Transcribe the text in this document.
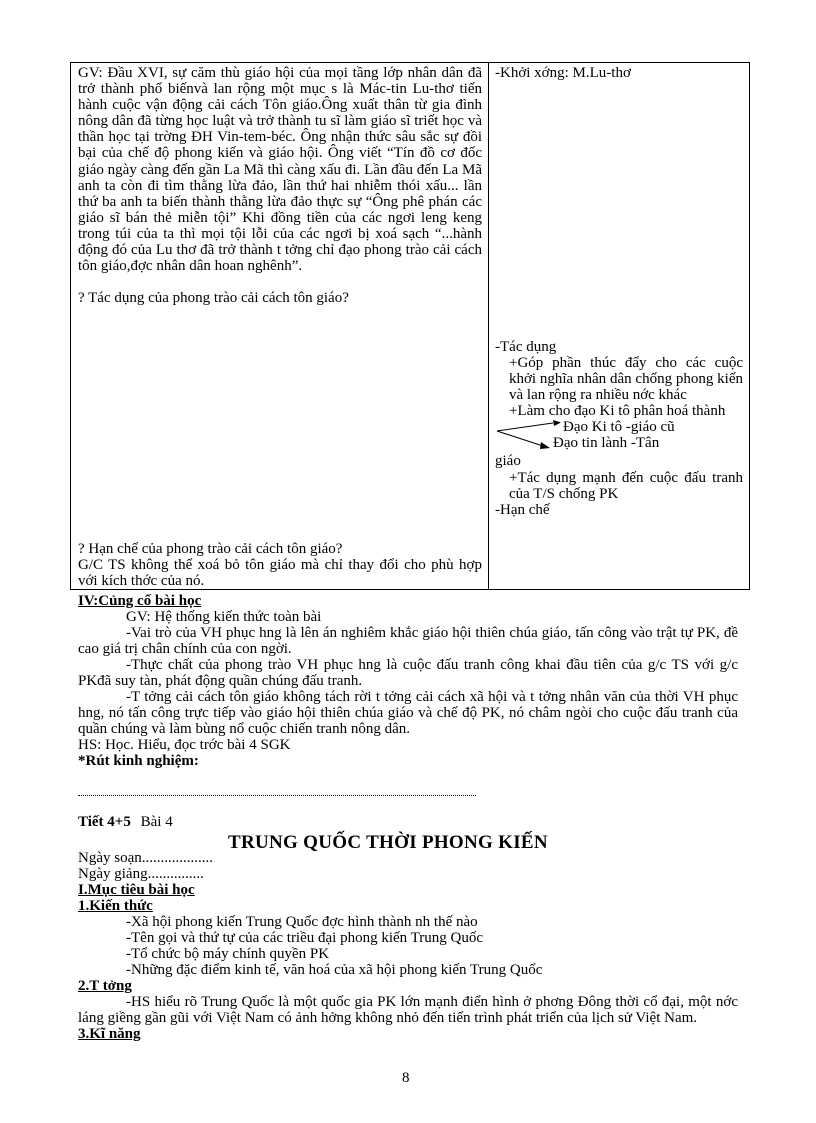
GV: Đầu XVI, sự căm thù giáo hội của mọi tầng lớp nhân dân đã trở thành phổ biếnvà lan rộng một mục s là Mác-tin Lu-thơ tiến hành cuộc vận động cải cách Tôn giáo.Ông xuất thân từ gia đình nông dân đã từng học luật và trở thành tu sĩ làm giáo sĩ triết học và thần học tại trờng ĐH Vin-tem-béc. Ông nhận thức sâu sắc sự đồi bại của chế độ phong kiến và giáo hội. Ông viết “Tín đồ cơ đốc giáo ngày càng đến gần La Mã thì càng xấu đi. Lần đầu đến La Mã anh ta còn đi tìm thằng lừa đảo, lần thứ hai nhiễm thói xấu... lần thứ ba anh ta biến thành thằng lừa đảo thực sự “Ông phê phán các giáo sĩ bán thẻ miễn tội” Khi đồng tiền của các ngơi leng keng trong túi của ta thì mọi tội lỗi của các ngơi bị xoá sạch “...hành động đó của Lu thơ đã trở thành t tởng chỉ đạo phong trào cải cách tôn giáo,đợc nhân dân hoan nghênh”.

? Tác dụng của phong trào cải cách tôn giáo?

? Hạn chế của phong trào cải cách tôn giáo?

G/C TS không thể xoá bỏ tôn giáo mà chỉ thay đổi cho phù hợp với kích thớc của nó.

-Khởi xớng: M.Lu-thơ

-Tác dụng

+Góp phần thúc đẩy cho các cuộc khởi nghĩa nhân dân chống phong kiến và lan rộng ra nhiều nớc khác

+Làm cho đạo Ki tô phân hoá thành

Đạo Ki tô -giáo cũ
Đạo tin lành -Tân

giáo

+Tác dụng mạnh đến cuộc đấu tranh của T/S chống PK

-Hạn chế

IV:Củng cố bài học
GV: Hệ thống kiến thức toàn bài
-Vai trò của VH phục hng là lên án nghiêm khắc giáo hội thiên chúa giáo, tấn công vào trật tự PK, đề cao giá trị chân chính của con ngời.
-Thực chất của phong trào VH phục hng là cuộc đấu tranh công khai đầu tiên của g/c TS với g/c PKđã suy tàn, phát động quần chúng đấu tranh.
-T tởng cải cách tôn giáo không tách rời t tởng cải cách xã hội và t tởng nhân văn của thời VH phục hng, nó tấn công trực tiếp vào giáo hội thiên chúa giáo và chế độ PK, nó châm ngòi cho cuộc đấu tranh của quần chúng và làm bùng nổ cuộc chiến tranh nông dân.
HS: Học. Hiểu, đọc trớc bài 4 SGK
*Rút kinh nghiệm:
Tiết 4+5 Bài 4
TRUNG QUỐC THỜI PHONG KIẾN
Ngày soạn...................
Ngày giảng...............
I.Mục tiêu bài học
1.Kiến thức
-Xã hội phong kiến Trung Quốc đợc hình thành nh thế nào
-Tên gọi và thứ tự của các triều đại phong kiến Trung Quốc
-Tổ chức bộ máy chính quyền PK
-Những đặc điểm kinh tế, văn hoá của xã hội phong kiến Trung Quốc
2.T tởng
-HS hiểu rõ Trung Quốc là một quốc gia PK lớn mạnh điển hình ở phơng Đông thời cổ đại, một nớc láng giềng gần gũi với Việt Nam có ảnh hởng không nhỏ đến tiến trình phát triển của lịch sử Việt Nam.
3.Kĩ năng
8
